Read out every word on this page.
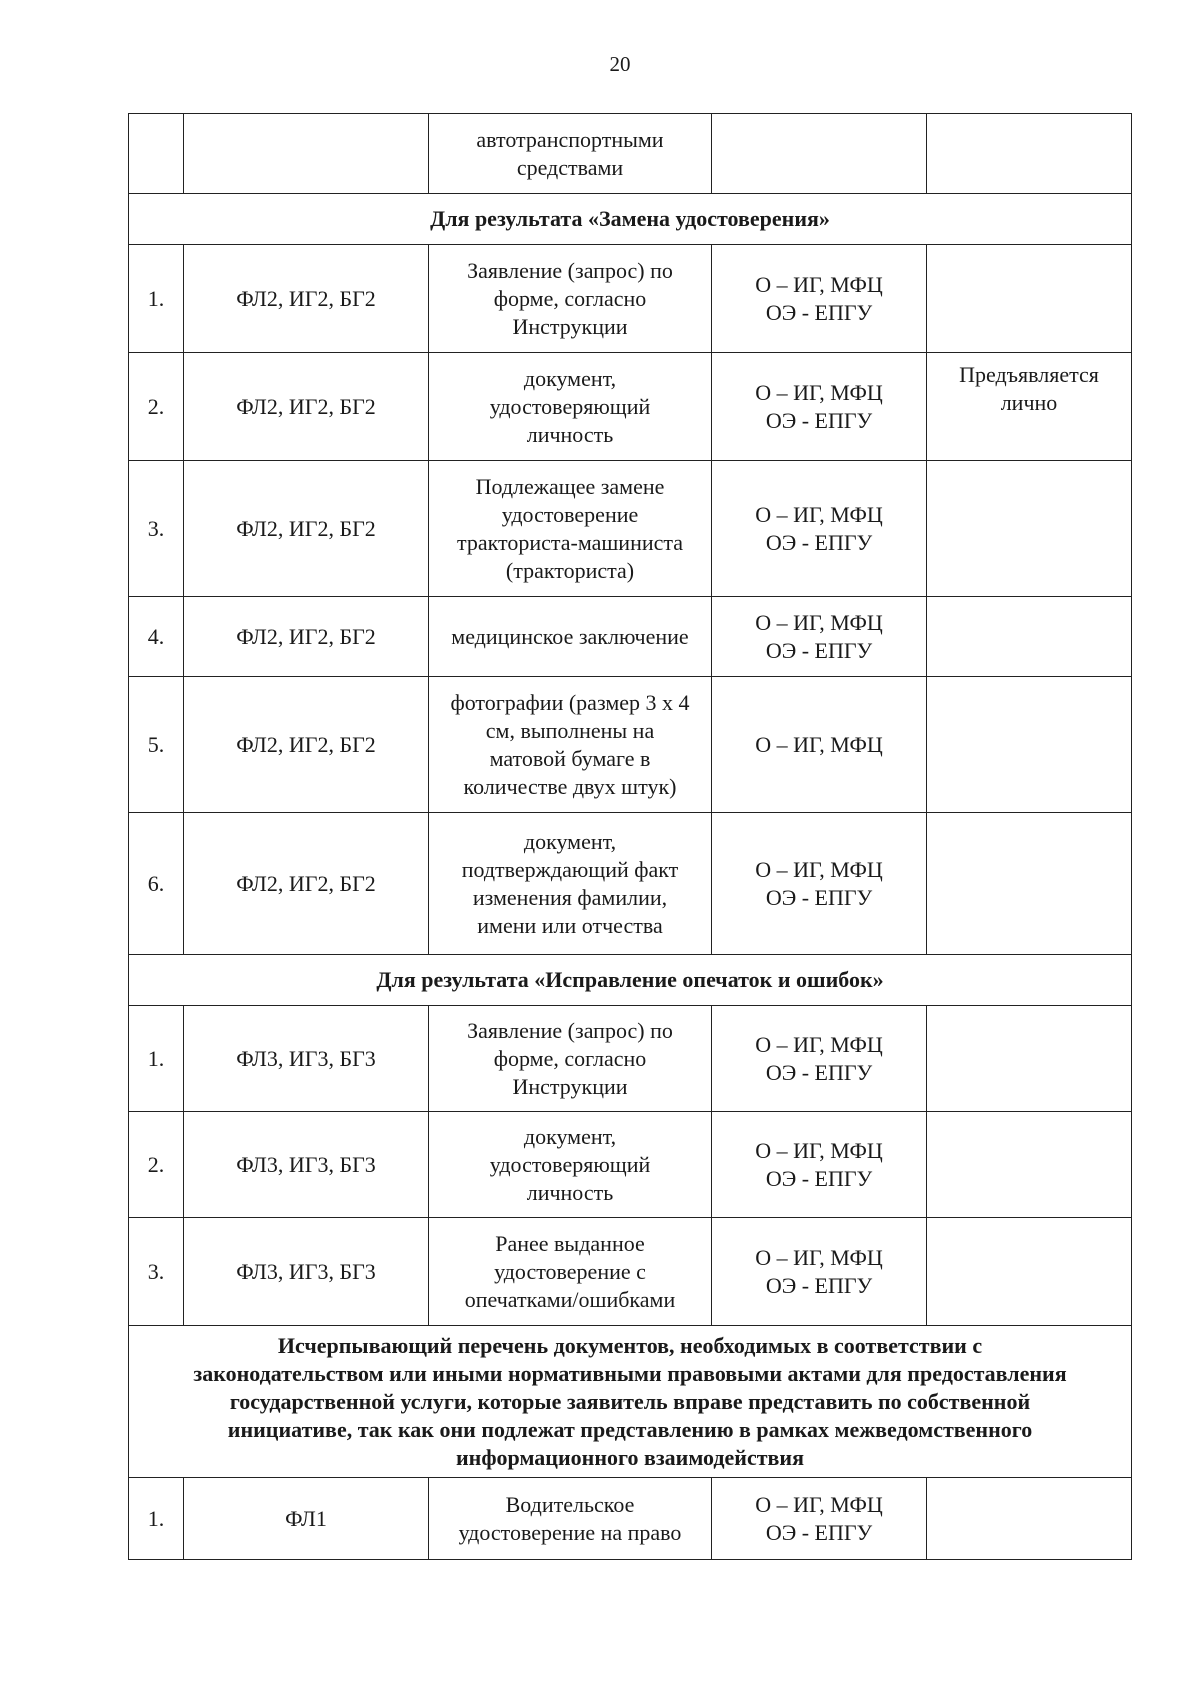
20
		автотранспортными
средствами		
Для результата «Замена удостоверения»				
1.	ФЛ2, ИГ2, БГ2	Заявление (запрос) по
форме, согласно
Инструкции	О – ИГ, МФЦ
ОЭ - ЕПГУ	
2.	ФЛ2, ИГ2, БГ2	документ,
удостоверяющий
личность	О – ИГ, МФЦ
ОЭ - ЕПГУ	Предъявляется
лично
3.	ФЛ2, ИГ2, БГ2	Подлежащее замене
удостоверение
тракториста-машиниста
(тракториста)	О – ИГ, МФЦ
ОЭ - ЕПГУ	
4.	ФЛ2, ИГ2, БГ2	медицинское заключение	О – ИГ, МФЦ
ОЭ - ЕПГУ	
5.	ФЛ2, ИГ2, БГ2	фотографии (размер 3 х 4
см, выполнены на
матовой бумаге в
количестве двух штук)	О – ИГ, МФЦ	
6.	ФЛ2, ИГ2, БГ2	документ,
подтверждающий факт
изменения фамилии,
имени или отчества	О – ИГ, МФЦ
ОЭ - ЕПГУ	
Для результата «Исправление опечаток и ошибок»				
1.	ФЛ3, ИГ3, БГ3	Заявление (запрос) по
форме, согласно
Инструкции	О – ИГ, МФЦ
ОЭ - ЕПГУ	
2.	ФЛ3, ИГ3, БГ3	документ,
удостоверяющий
личность	О – ИГ, МФЦ
ОЭ - ЕПГУ	
3.	ФЛ3, ИГ3, БГ3	Ранее выданное
удостоверение с
опечатками/ошибками	О – ИГ, МФЦ
ОЭ - ЕПГУ	
Исчерпывающий перечень документов, необходимых в соответствии с
законодательством или иными нормативными правовыми актами для предоставления
государственной услуги, которые заявитель вправе представить по собственной
инициативе, так как они подлежат представлению в рамках межведомственного
информационного взаимодействия				
1.	ФЛ1	Водительское
удостоверение на право	О – ИГ, МФЦ
ОЭ - ЕПГУ	
